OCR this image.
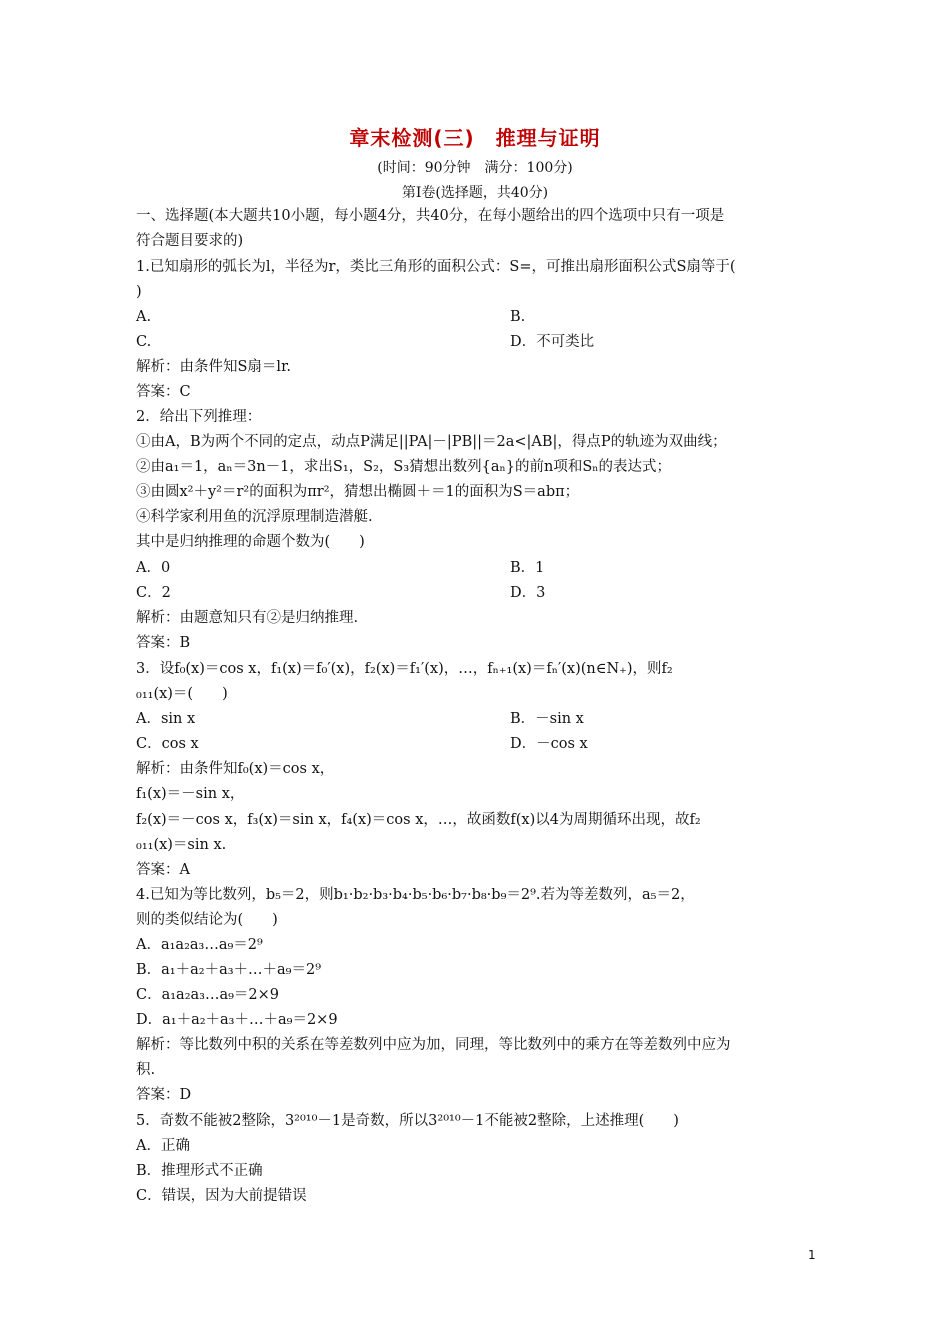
章末检测(三)　推理与证明
(时间：90分钟　满分：100分)
第Ⅰ卷(选择题，共40分)
一、选择题(本大题共10小题，每小题4分，共40分，在每小题给出的四个选项中只有一项是
符合题目要求的)
1.已知扇形的弧长为l，半径为r，类比三角形的面积公式：S=，可推出扇形面积公式S扇等于(
)
A.	B.
C.	D．不可类比
解析：由条件知S扇＝lr.
答案：C
2．给出下列推理：
①由A，B为两个不同的定点，动点P满足||PA|－|PB||＝2a<|AB|，得点P的轨迹为双曲线；
②由a₁＝1，aₙ＝3n－1，求出S₁，S₂，S₃猜想出数列{aₙ}的前n项和Sₙ的表达式；
③由圆x²＋y²＝r²的面积为πr²，猜想出椭圆＋＝1的面积为S＝abπ；
④科学家利用鱼的沉浮原理制造潜艇.
其中是归纳推理的命题个数为(　　)
A．0	B．1
C．2	D．3
解析：由题意知只有②是归纳推理.
答案：B
3．设f₀(x)＝cos x，f₁(x)＝f₀′(x)，f₂(x)＝f₁′(x)，…，fₙ₊₁(x)＝fₙ′(x)(n∈N₊)，则f₂
₀₁₁(x)＝(　　)
A．sin x	B．－sin x
C．cos x	D．－cos x
解析：由条件知f₀(x)＝cos x，
f₁(x)＝－sin x，
f₂(x)＝－cos x，f₃(x)＝sin x，f₄(x)＝cos x，…，故函数f(x)以4为周期循环出现，故f₂
₀₁₁(x)＝sin x.
答案：A
4.已知为等比数列，b₅＝2，则b₁·b₂·b₃·b₄·b₅·b₆·b₇·b₈·b₉＝2⁹.若为等差数列，a₅＝2，
则的类似结论为(　　)
A．a₁a₂a₃…a₉＝2⁹
B．a₁＋a₂＋a₃＋…＋a₉＝2⁹
C．a₁a₂a₃…a₉＝2×9
D．a₁＋a₂＋a₃＋…＋a₉＝2×9
解析：等比数列中积的关系在等差数列中应为加，同理，等比数列中的乘方在等差数列中应为
积.
答案：D
5．奇数不能被2整除，3²⁰¹⁰－1是奇数，所以3²⁰¹⁰－1不能被2整除，上述推理(　　)
A．正确
B．推理形式不正确
C．错误，因为大前提错误
1
